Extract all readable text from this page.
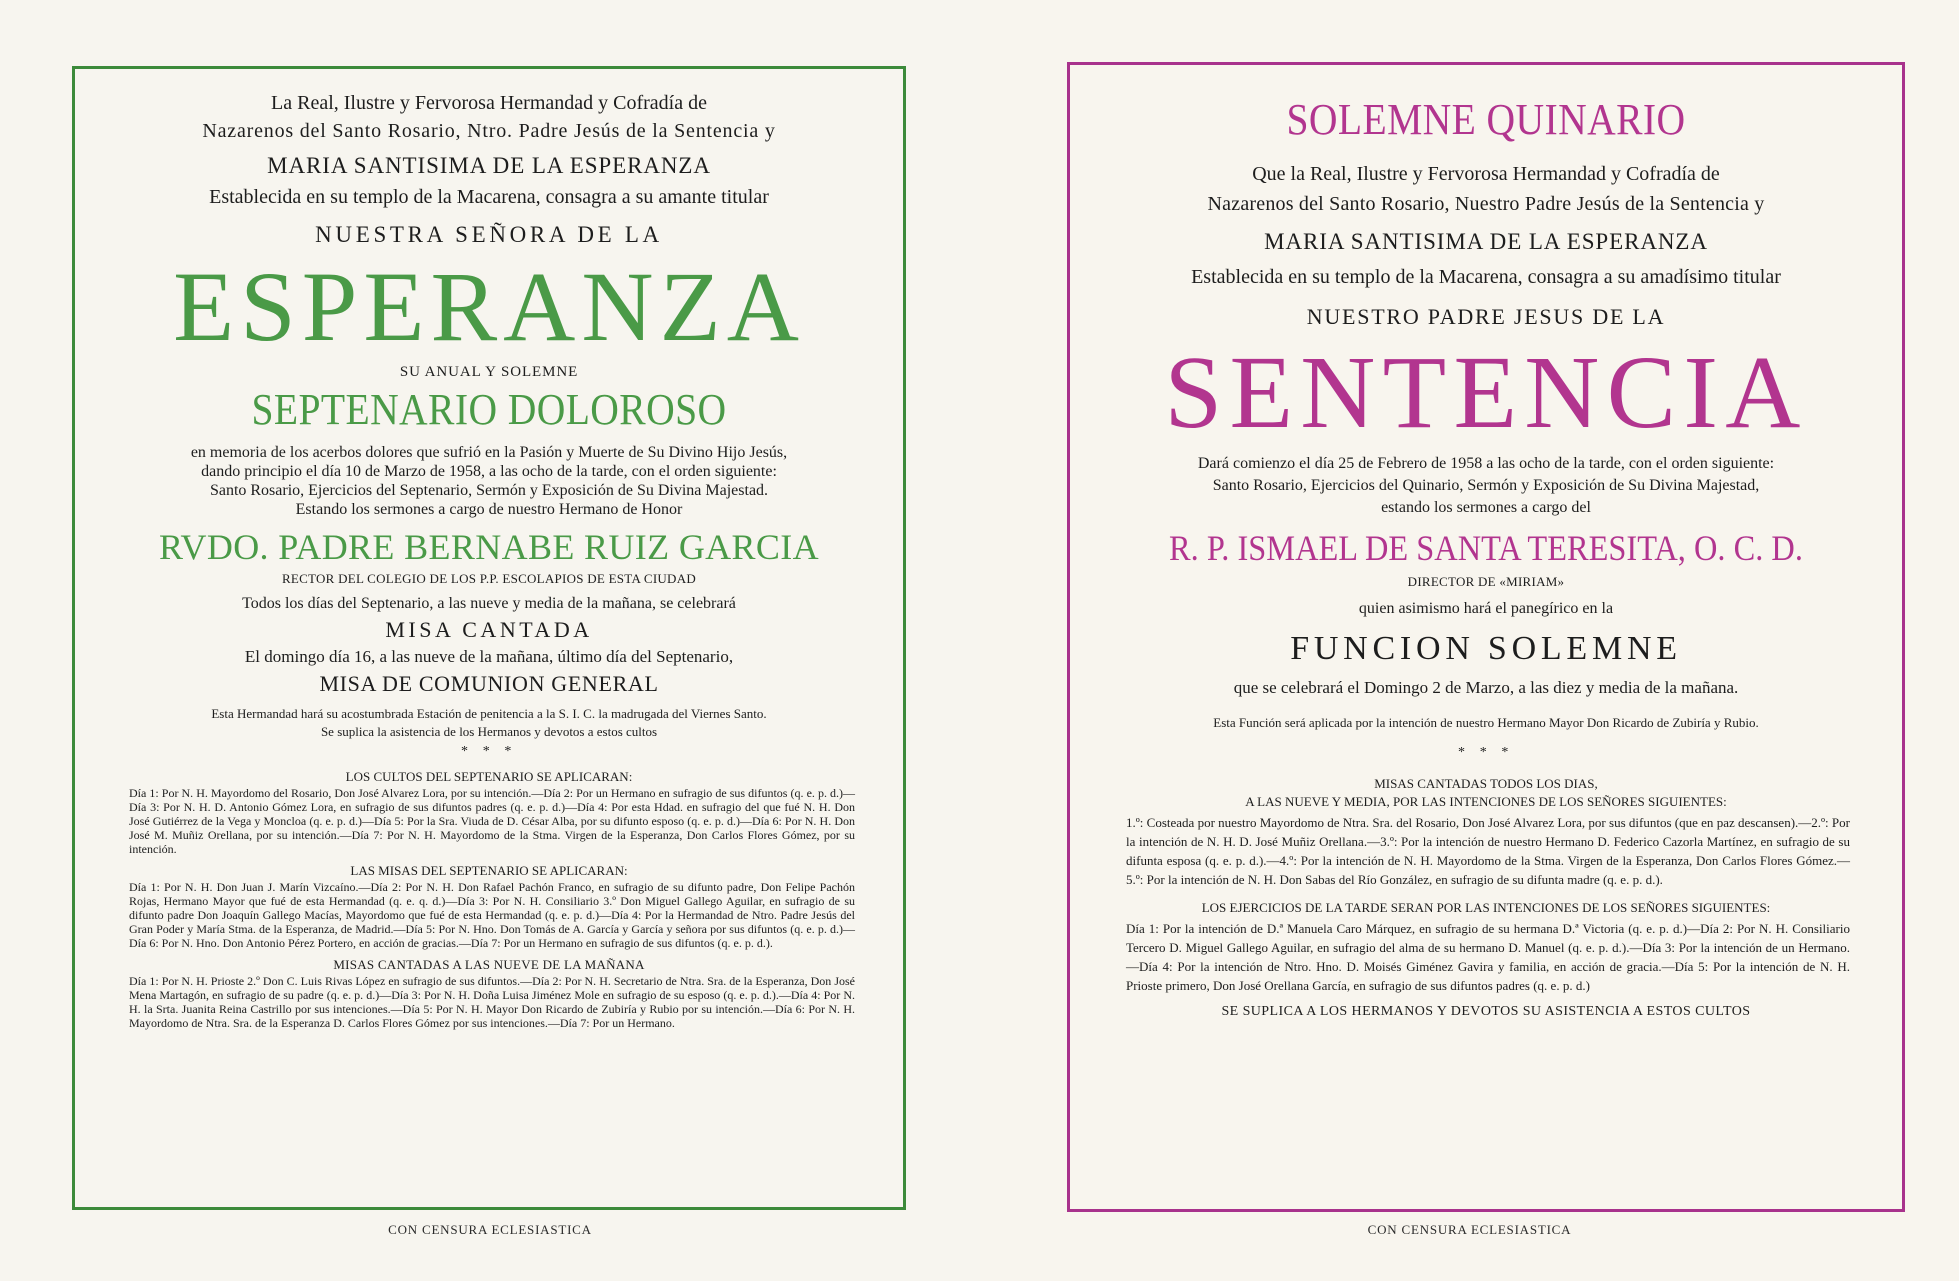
La Real, Ilustre y Fervorosa Hermandad y Cofradía de
Nazarenos del Santo Rosario, Ntro. Padre Jesús de la Sentencia y
MARIA SANTISIMA DE LA ESPERANZA
Establecida en su templo de la Macarena, consagra a su amante titular
NUESTRA SEÑORA DE LA
ESPERANZA
SU ANUAL Y SOLEMNE
SEPTENARIO DOLOROSO
en memoria de los acerbos dolores que sufrió en la Pasión y Muerte de Su Divino Hijo Jesús,
dando principio el día 10 de Marzo de 1958, a las ocho de la tarde, con el orden siguiente:
Santo Rosario, Ejercicios del Septenario, Sermón y Exposición de Su Divina Majestad.
Estando los sermones a cargo de nuestro Hermano de Honor
RVDO. PADRE BERNABE RUIZ GARCIA
RECTOR DEL COLEGIO DE LOS P.P. ESCOLAPIOS DE ESTA CIUDAD
Todos los días del Septenario, a las nueve y media de la mañana, se celebrará
MISA CANTADA
El domingo día 16, a las nueve de la mañana, último día del Septenario,
MISA DE COMUNION GENERAL
Esta Hermandad hará su acostumbrada Estación de penitencia a la S. I. C. la madrugada del Viernes Santo.
Se suplica la asistencia de los Hermanos y devotos a estos cultos
* * *
LOS CULTOS DEL SEPTENARIO SE APLICARAN:
Día 1: Por N. H. Mayordomo del Rosario, Don José Alvarez Lora, por su intención.—Día 2: Por un Hermano en sufragio de sus difuntos (q. e. p. d.)—Día 3: Por N. H. D. Antonio Gómez Lora, en sufragio de sus difuntos padres (q. e. p. d.)—Día 4: Por esta Hdad. en sufragio del que fué N. H. Don José Gutiérrez de la Vega y Moncloa (q. e. p. d.)—Día 5: Por la Sra. Viuda de D. César Alba, por su difunto esposo (q. e. p. d.)—Día 6: Por N. H. Don José M. Muñiz Orellana, por su intención.—Día 7: Por N. H. Mayordomo de la Stma. Virgen de la Esperanza, Don Carlos Flores Gómez, por su intención.
LAS MISAS DEL SEPTENARIO SE APLICARAN:
Día 1: Por N. H. Don Juan J. Marín Vizcaíno.—Día 2: Por N. H. Don Rafael Pachón Franco, en sufragio de su difunto padre, Don Felipe Pachón Rojas, Hermano Mayor que fué de esta Hermandad (q. e. q. d.)—Día 3: Por N. H. Consiliario 3.º Don Miguel Gallego Aguilar, en sufragio de su difunto padre Don Joaquín Gallego Macías, Mayordomo que fué de esta Hermandad (q. e. p. d.)—Día 4: Por la Hermandad de Ntro. Padre Jesús del Gran Poder y María Stma. de la Esperanza, de Madrid.—Día 5: Por N. Hno. Don Tomás de A. García y García y señora por sus difuntos (q. e. p. d.)—Día 6: Por N. Hno. Don Antonio Pérez Portero, en acción de gracias.—Día 7: Por un Hermano en sufragio de sus difuntos (q. e. p. d.).
MISAS CANTADAS A LAS NUEVE DE LA MAÑANA
Día 1: Por N. H. Prioste 2.º Don C. Luis Rivas López en sufragio de sus difuntos.—Día 2: Por N. H. Secretario de Ntra. Sra. de la Esperanza, Don José Mena Martagón, en sufragio de su padre (q. e. p. d.)—Día 3: Por N. H. Doña Luisa Jiménez Mole en sufragio de su esposo (q. e. p. d.).—Día 4: Por N. H. la Srta. Juanita Reina Castrillo por sus intenciones.—Día 5: Por N. H. Mayor Don Ricardo de Zubiría y Rubio por su intención.—Día 6: Por N. H. Mayordomo de Ntra. Sra. de la Esperanza D. Carlos Flores Gómez por sus intenciones.—Día 7: Por un Hermano.
CON CENSURA ECLESIASTICA
SOLEMNE QUINARIO
Que la Real, Ilustre y Fervorosa Hermandad y Cofradía de
Nazarenos del Santo Rosario, Nuestro Padre Jesús de la Sentencia y
MARIA SANTISIMA DE LA ESPERANZA
Establecida en su templo de la Macarena, consagra a su amadísimo titular
NUESTRO PADRE JESUS DE LA
SENTENCIA
Dará comienzo el día 25 de Febrero de 1958 a las ocho de la tarde, con el orden siguiente:
Santo Rosario, Ejercicios del Quinario, Sermón y Exposición de Su Divina Majestad,
estando los sermones a cargo del
R. P. ISMAEL DE SANTA TERESITA, O. C. D.
DIRECTOR DE «MIRIAM»
quien asimismo hará el panegírico en la
FUNCION SOLEMNE
que se celebrará el Domingo 2 de Marzo, a las diez y media de la mañana.
Esta Función será aplicada por la intención de nuestro Hermano Mayor Don Ricardo de Zubiría y Rubio.
* * *
MISAS CANTADAS TODOS LOS DIAS,
A LAS NUEVE Y MEDIA, POR LAS INTENCIONES DE LOS SEÑORES SIGUIENTES:
1.º: Costeada por nuestro Mayordomo de Ntra. Sra. del Rosario, Don José Alvarez Lora, por sus difuntos (que en paz descansen).—2.º: Por la intención de N. H. D. José Muñiz Orellana.—3.º: Por la intención de nuestro Hermano D. Federico Cazorla Martínez, en sufragio de su difunta esposa (q. e. p. d.).—4.º: Por la intención de N. H. Mayordomo de la Stma. Virgen de la Esperanza, Don Carlos Flores Gómez.—5.º: Por la intención de N. H. Don Sabas del Río González, en sufragio de su difunta madre (q. e. p. d.).
LOS EJERCICIOS DE LA TARDE SERAN POR LAS INTENCIONES DE LOS SEÑORES SIGUIENTES:
Día 1: Por la intención de D.ª Manuela Caro Márquez, en sufragio de su hermana D.ª Victoria (q. e. p. d.)—Día 2: Por N. H. Consiliario Tercero D. Miguel Gallego Aguilar, en sufragio del alma de su hermano D. Manuel (q. e. p. d.).—Día 3: Por la intención de un Hermano.—Día 4: Por la intención de Ntro. Hno. D. Moisés Giménez Gavira y familia, en acción de gracia.—Día 5: Por la intención de N. H. Prioste primero, Don José Orellana García, en sufragio de sus difuntos padres (q. e. p. d.)
SE SUPLICA A LOS HERMANOS Y DEVOTOS SU ASISTENCIA A ESTOS CULTOS
CON CENSURA ECLESIASTICA
